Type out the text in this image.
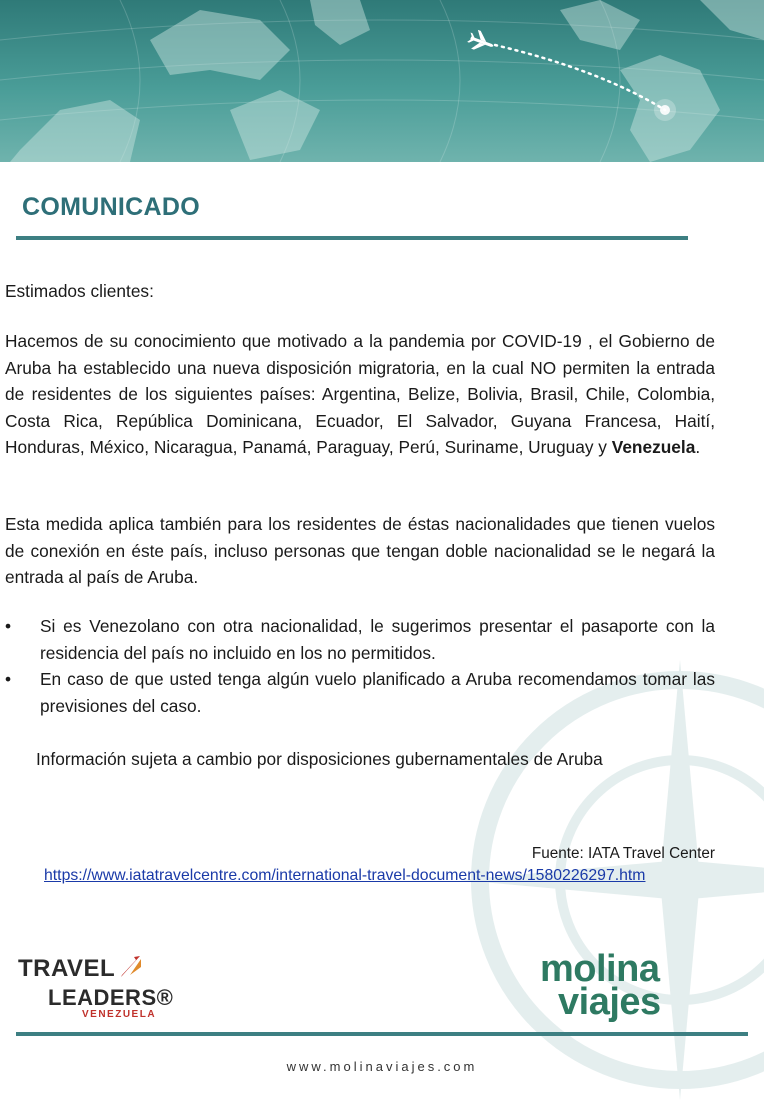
COMUNICADO
Estimados clientes:
Hacemos de su conocimiento que motivado a la pandemia por COVID-19 , el Gobierno de Aruba ha establecido una nueva disposición migratoria, en la cual NO permiten la entrada de residentes de los siguientes países: Argentina, Belize, Bolivia, Brasil, Chile, Colombia, Costa Rica, República Dominicana, Ecuador, El Salvador, Guyana Francesa, Haití, Honduras, México, Nicaragua, Panamá, Paraguay, Perú, Suriname, Uruguay y Venezuela.
Esta medida aplica también para los residentes de éstas nacionalidades que tienen vuelos de conexión en éste país, incluso personas que tengan doble nacionalidad se le negará la entrada al país de Aruba.
• Si es Venezolano con otra nacionalidad, le sugerimos presentar el pasaporte con la residencia del país no incluido en los no permitidos.
• En caso de que usted tenga algún vuelo planificado a Aruba recomendamos tomar las previsiones del caso.
Información sujeta a cambio por disposiciones gubernamentales de Aruba
Fuente: IATA Travel Center
https://www.iatatravelcentre.com/international-travel-document-news/1580226297.htm
TRAVEL
LEADERS®
VENEZUELA
molina
viajes
www.molinaviajes.com
